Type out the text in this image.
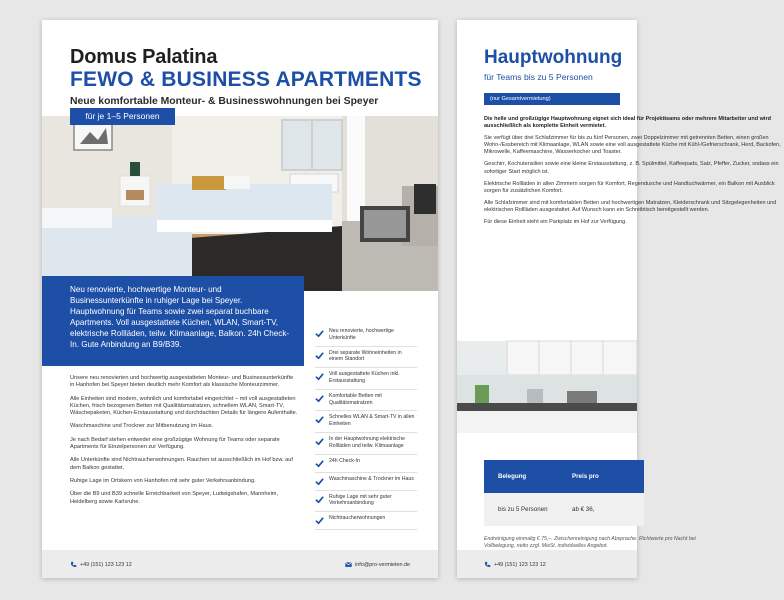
Domus Palatina
FEWO & BUSINESS APARTMENTS

Neue komfortable Monteur- & Businesswohnungen bei Speyer

für je 1–5 Personen
Neu renovierte, hochwertige Monteur- und Businessunterkünfte in ruhiger Lage bei Speyer. Hauptwohnung für Teams sowie zwei separat buchbare Apartments. Voll ausgestattete Küchen, WLAN, Smart-TV, elektrische Rollläden, teilw. Klimaanlage, Balkon. 24h Check-In. Gute Anbindung an B9/B39.

Unsere neu renovierten und hochwertig ausgestatteten Monteur- und Businessunterkünfte in Hanhofen bei Speyer bieten deutlich mehr Komfort als klassische Monteurzimmer.

Alle Einheiten sind modern, wohnlich und komfortabel eingerichtet – mit voll ausgestatteten Küchen, frisch bezogenen Betten mit Qualitätsmatratzen, schnellem WLAN, Smart-TV, Wäschepaketen, Küchen-Erstausstattung und durchdachten Details für längere Aufenthalte.

Waschmaschine und Trockner zur Mitbenutzung im Haus.

Je nach Bedarf stehen entweder eine großzügige Wohnung für Teams oder separate Apartments für Einzelpersonen zur Verfügung.

Alle Unterkünfte sind Nichtraucherwohnungen. Rauchen ist ausschließlich im Hof bzw. auf dem Balkon gestattet.

Ruhige Lage im Ortskern von Hanhofen mit sehr guter Verkehrsanbindung.

Über die B9 und B39 schnelle Erreichbarkeit von Speyer, Ludwigshafen, Mannheim, Heidelberg sowie Karlsruhe.

Neu renovierte, hochwertige Unterkünfte
Drei separate Wohneinheiten in einem Standort
Voll ausgestattete Küchen inkl. Erstausstattung
Komfortable Betten mit Qualitätsmatratzen
Schnelles WLAN & Smart-TV in allen Einheiten
In der Hauptwohnung elektrische Rollläden und teilw. Klimaanlage
24h Check-In
Waschmaschine & Trockner im Haus
Ruhige Lage mit sehr guter Verkehrsanbindung
Nichtraucherwohnungen
+49 (151) 123 123 12	info@pro-vermieten.de
Hauptwohnung

für Teams bis zu 5 Personen

(nur Gesamtvermietung)

Die helle und großzügige Hauptwohnung eignet sich ideal für Projektteams oder mehrere Mitarbeiter und wird ausschließlich als komplette Einheit vermietet.

Sie verfügt über drei Schlafzimmer für bis zu fünf Personen, zwei Doppelzimmer mit getrennten Betten, einen großen Wohn-/Essbereich mit Klimaanlage, WLAN sowie eine voll ausgestattete Küche mit Kühl-/Gefrierschrank, Herd, Backofen, Mikrowelle, Kaffeemaschine, Wasserkocher und Toaster.

Geschirr, Kochutensilien sowie eine kleine Erstausstattung, z. B. Spülmittel, Kaffeepads, Salz, Pfeffer, Zucker, sodass ein sofortiger Start möglich ist.

Elektrische Rollläden in allen Zimmern sorgen für Komfort, Regendusche und Handtuchwärmer, ein Balkon mit Ausblick sorgen für zusätzlichen Komfort.

Alle Schlafzimmer sind mit komfortablen Betten und hochwertigen Matratzen, Kleiderschrank und Sitzgelegenheiten und elektrischen Rollläden ausgestattet. Auf Wunsch kann ein Schreibtisch bereitgestellt werden.

Für diese Einheit steht ein Parkplatz im Hof zur Verfügung.

Belegung	Preis pro
bis zu 5 Personen	ab € 36,
Endreinigung einmalig € 75,–. Zwischenreinigung nach Absprache. Richtwerte pro Nacht bei Vollbelegung, netto zzgl. MwSt. individuelles Angebot.
+49 (151) 123 123 12
